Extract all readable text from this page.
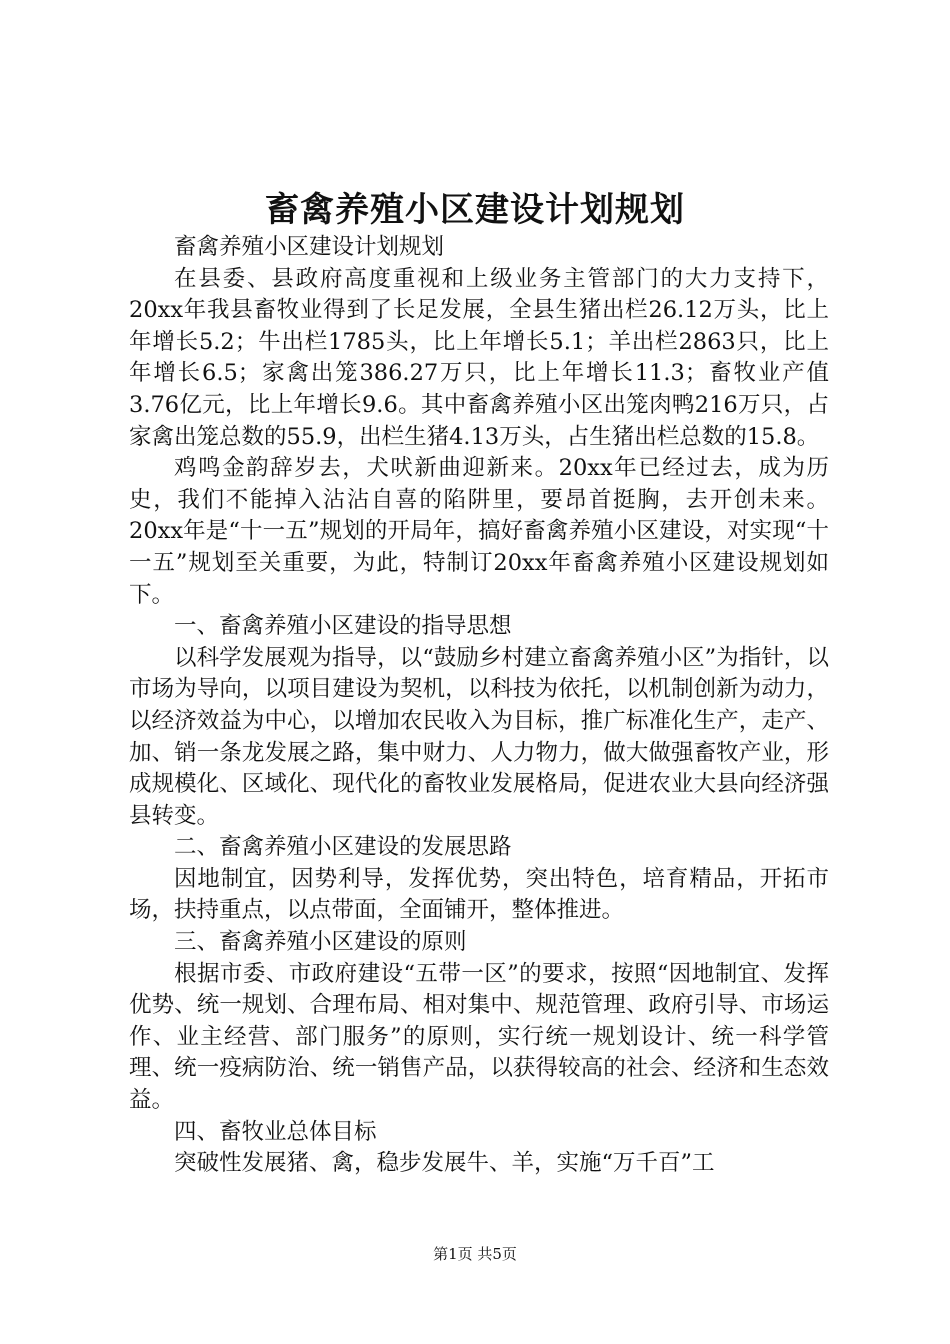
畜禽养殖小区建设计划规划

畜禽养殖小区建设计划规划

在县委、县政府高度重视和上级业务主管部门的大力支持下，20xx年我县畜牧业得到了长足发展，全县生猪出栏26.12万头，比上年增长5.2；牛出栏1785头，比上年增长5.1；羊出栏2863只，比上年增长6.5；家禽出笼386.27万只，比上年增长11.3；畜牧业产值3.76亿元，比上年增长9.6。其中畜禽养殖小区出笼肉鸭216万只，占家禽出笼总数的55.9，出栏生猪4.13万头，占生猪出栏总数的15.8。

鸡鸣金韵辞岁去，犬吠新曲迎新来。20xx年已经过去，成为历史，我们不能掉入沾沾自喜的陷阱里，要昂首挺胸，去开创未来。20xx年是“十一五”规划的开局年，搞好畜禽养殖小区建设，对实现“十一五”规划至关重要，为此，特制订20xx年畜禽养殖小区建设规划如下。

一、畜禽养殖小区建设的指导思想

以科学发展观为指导，以“鼓励乡村建立畜禽养殖小区”为指针，以市场为导向，以项目建设为契机，以科技为依托，以机制创新为动力，以经济效益为中心，以增加农民收入为目标，推广标准化生产，走产、加、销一条龙发展之路，集中财力、人力物力，做大做强畜牧产业，形成规模化、区域化、现代化的畜牧业发展格局，促进农业大县向经济强县转变。

二、畜禽养殖小区建设的发展思路

因地制宜，因势利导，发挥优势，突出特色，培育精品，开拓市场，扶持重点，以点带面，全面铺开，整体推进。

三、畜禽养殖小区建设的原则

根据市委、市政府建设“五带一区”的要求，按照“因地制宜、发挥优势、统一规划、合理布局、相对集中、规范管理、政府引导、市场运作、业主经营、部门服务”的原则，实行统一规划设计、统一科学管理、统一疫病防治、统一销售产品，以获得较高的社会、经济和生态效益。

四、畜牧业总体目标

突破性发展猪、禽，稳步发展牛、羊，实施“万千百”工

第1页 共5页
